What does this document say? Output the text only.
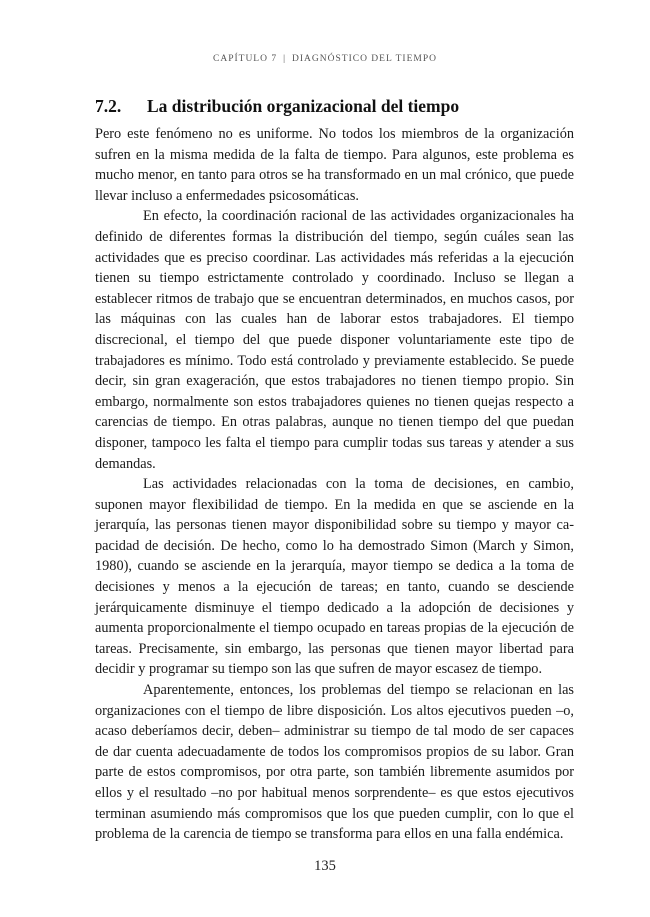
CAPÍTULO 7 | DIAGNÓSTICO DEL TIEMPO
7.2. La distribución organizacional del tiempo

Pero este fenómeno no es uniforme. No todos los miembros de la organización sufren en la misma medida de la falta de tiempo. Para algunos, este problema es mucho menor, en tanto para otros se ha transformado en un mal crónico, que puede llevar incluso a enfermedades psicosomáticas.

En efecto, la coordinación racional de las actividades organizacionales ha definido de diferentes formas la distribución del tiempo, según cuáles sean las actividades que es preciso coordinar. Las actividades más referidas a la ejecución tienen su tiempo estrictamente controlado y coordinado. Incluso se llegan a establecer ritmos de trabajo que se encuentran determinados, en muchos casos, por las máquinas con las cuales han de laborar estos trabajadores. El tiempo discrecional, el tiempo del que puede disponer voluntariamente este tipo de trabajadores es mínimo. Todo está controlado y previamente establecido. Se puede decir, sin gran exageración, que estos trabajadores no tienen tiempo propio. Sin embargo, normalmente son estos trabajadores quienes no tienen quejas respecto a carencias de tiempo. En otras palabras, aunque no tienen tiempo del que puedan disponer, tampoco les falta el tiempo para cumplir todas sus tareas y atender a sus demandas.

Las actividades relacionadas con la toma de decisiones, en cambio, suponen mayor flexibilidad de tiempo. En la medida en que se asciende en la jerarquía, las personas tienen mayor disponibilidad sobre su tiempo y mayor capacidad de decisión. De hecho, como lo ha demostrado Simon (March y Simon, 1980), cuando se asciende en la jerarquía, mayor tiempo se dedica a la toma de decisiones y menos a la ejecución de tareas; en tanto, cuando se desciende jerárquicamente disminuye el tiempo dedicado a la adopción de decisiones y aumenta proporcionalmente el tiempo ocupado en tareas propias de la ejecución de tareas. Precisamente, sin embargo, las personas que tienen mayor libertad para decidir y programar su tiempo son las que sufren de mayor escasez de tiempo.

Aparentemente, entonces, los problemas del tiempo se relacionan en las organizaciones con el tiempo de libre disposición. Los altos ejecutivos pueden –o, acaso deberíamos decir, deben– administrar su tiempo de tal modo de ser capaces de dar cuenta adecuadamente de todos los compromisos propios de su labor. Gran parte de estos compromisos, por otra parte, son también libremente asumidos por ellos y el resultado –no por habitual menos sorprendente– es que estos ejecutivos terminan asumiendo más compromisos que los que pueden cumplir, con lo que el problema de la carencia de tiempo se transforma para ellos en una falla endémica.

135
